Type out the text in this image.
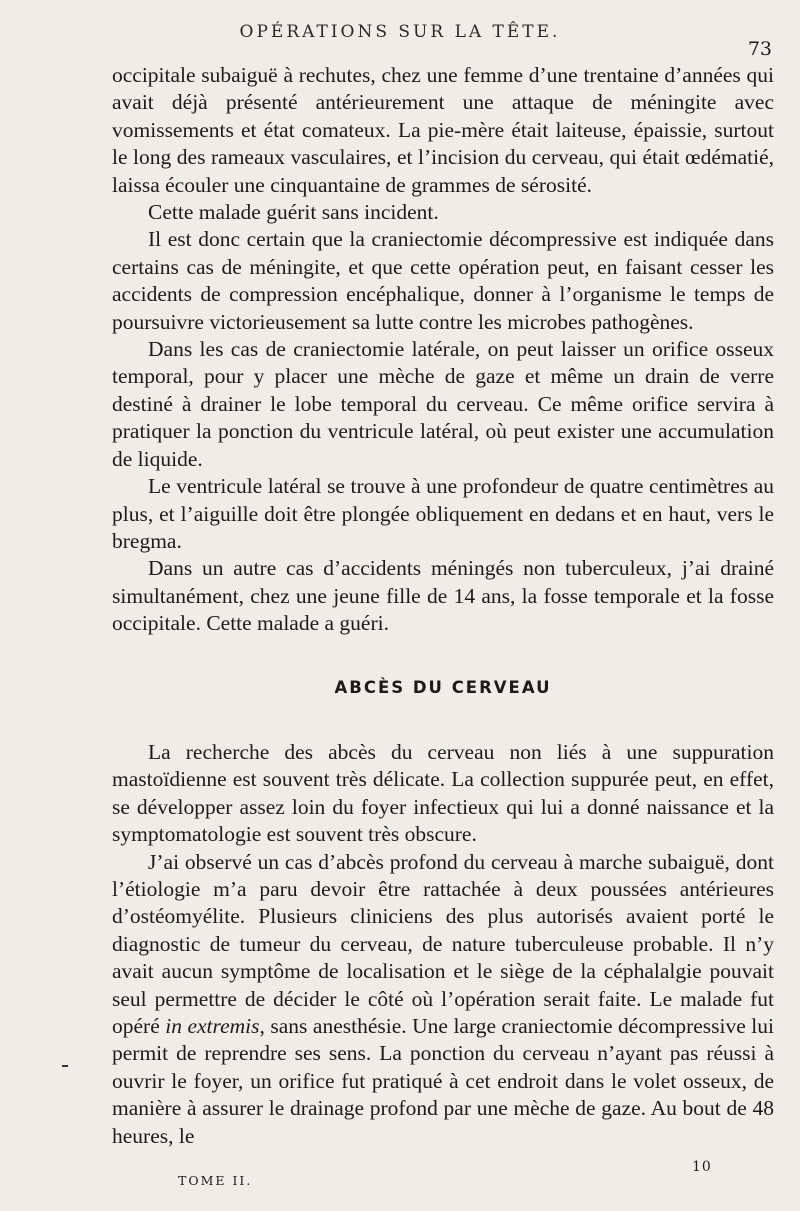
OPÉRATIONS SUR LA TÊTE.
73

occipitale subaiguë à rechutes, chez une femme d’une trentaine d’années qui avait déjà présenté antérieurement une attaque de méningite avec vomissements et état comateux. La pie-mère était laiteuse, épaissie, surtout le long des rameaux vasculaires, et l’incision du cerveau, qui était œdématié, laissa écouler une cinquantaine de grammes de sérosité.

Cette malade guérit sans incident.

Il est donc certain que la craniectomie décompressive est indiquée dans certains cas de méningite, et que cette opération peut, en faisant cesser les accidents de compression encéphalique, donner à l’organisme le temps de poursuivre victorieusement sa lutte contre les microbes pathogènes.

Dans les cas de craniectomie latérale, on peut laisser un orifice osseux temporal, pour y placer une mèche de gaze et même un drain de verre destiné à drainer le lobe temporal du cerveau. Ce même orifice servira à pratiquer la ponction du ventricule latéral, où peut exister une accumulation de liquide.

Le ventricule latéral se trouve à une profondeur de quatre centimètres au plus, et l’aiguille doit être plongée obliquement en dedans et en haut, vers le bregma.

Dans un autre cas d’accidents méningés non tuberculeux, j’ai drainé simultanément, chez une jeune fille de 14 ans, la fosse temporale et la fosse occipitale. Cette malade a guéri.

ABCÈS DU CERVEAU

La recherche des abcès du cerveau non liés à une suppuration mastoïdienne est souvent très délicate. La collection suppurée peut, en effet, se développer assez loin du foyer infectieux qui lui a donné naissance et la symptomatologie est souvent très obscure.

J’ai observé un cas d’abcès profond du cerveau à marche subaiguë, dont l’étiologie m’a paru devoir être rattachée à deux poussées antérieures d’ostéomyélite. Plusieurs cliniciens des plus autorisés avaient porté le diagnostic de tumeur du cerveau, de nature tuberculeuse probable. Il n’y avait aucun symptôme de localisation et le siège de la céphalalgie pouvait seul permettre de décider le côté où l’opération serait faite. Le malade fut opéré in extremis, sans anesthésie. Une large craniectomie décompressive lui permit de reprendre ses sens. La ponction du cerveau n’ayant pas réussi à ouvrir le foyer, un orifice fut pratiqué à cet endroit dans le volet osseux, de manière à assurer le drainage profond par une mèche de gaze. Au bout de 48 heures, le

10
TOME II.
